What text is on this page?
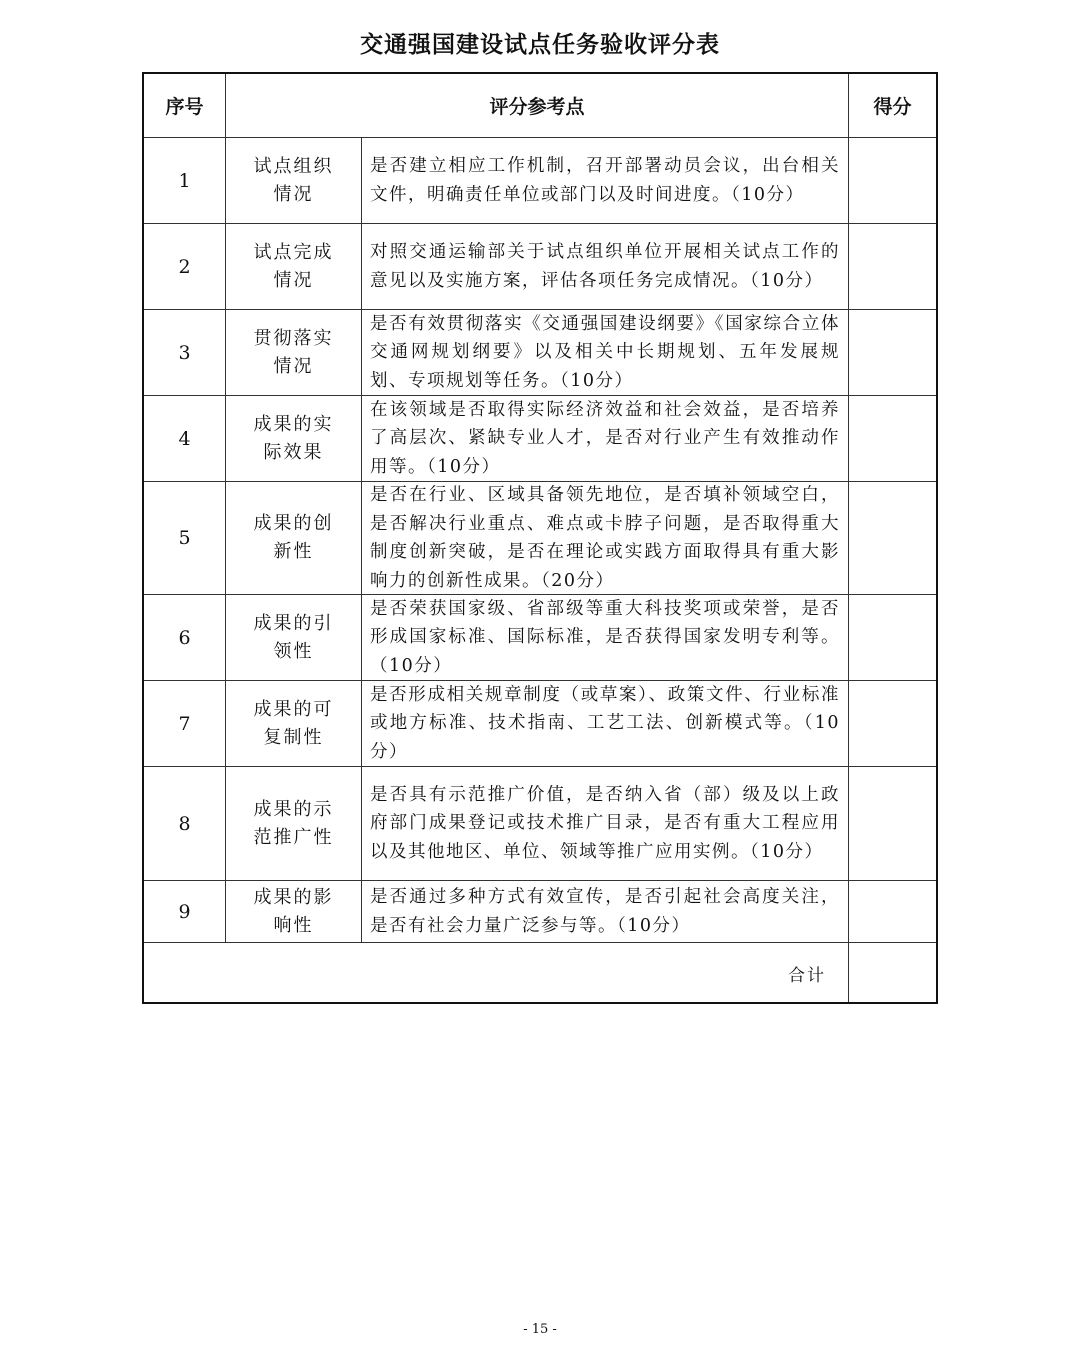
交通强国建设试点任务验收评分表
序号	评分参考点	得分
1
试点组织情况
是否建立相应工作机制，召开部署动员会议，出台相关文件，明确责任单位或部门以及时间进度。（10分）
2
试点完成情况
对照交通运输部关于试点组织单位开展相关试点工作的意见以及实施方案，评估各项任务完成情况。（10分）
3
贯彻落实情况
是否有效贯彻落实《交通强国建设纲要》《国家综合立体交通网规划纲要》以及相关中长期规划、五年发展规划、专项规划等任务。（10分）
4
成果的实际效果
在该领域是否取得实际经济效益和社会效益，是否培养了高层次、紧缺专业人才，是否对行业产生有效推动作用等。（10分）
5
成果的创新性
是否在行业、区域具备领先地位，是否填补领域空白，是否解决行业重点、难点或卡脖子问题，是否取得重大制度创新突破，是否在理论或实践方面取得具有重大影响力的创新性成果。（20分）
6
成果的引领性
是否荣获国家级、省部级等重大科技奖项或荣誉，是否形成国家标准、国际标准，是否获得国家发明专利等。（10分）
7
成果的可复制性
是否形成相关规章制度（或草案）、政策文件、行业标准或地方标准、技术指南、工艺工法、创新模式等。（10分）
8
成果的示范推广性
是否具有示范推广价值，是否纳入省（部）级及以上政府部门成果登记或技术推广目录，是否有重大工程应用以及其他地区、单位、领域等推广应用实例。（10分）
9
成果的影响性
是否通过多种方式有效宣传，是否引起社会高度关注，是否有社会力量广泛参与等。（10分）
合计
- 15 -
